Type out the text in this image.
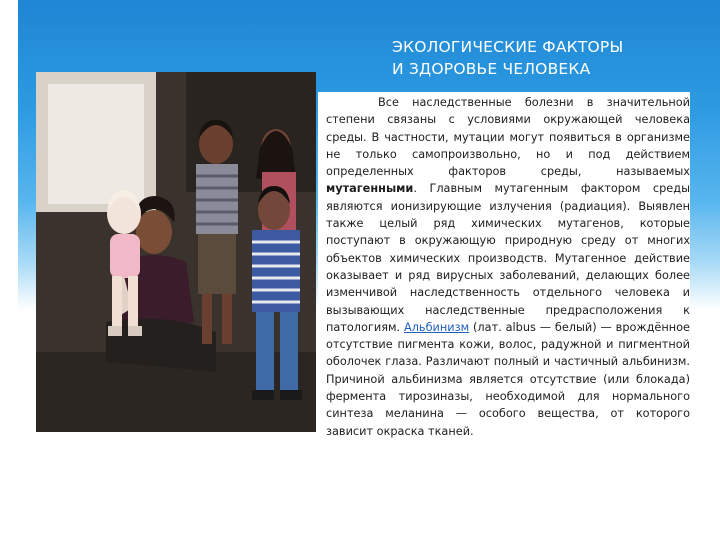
ЭКОЛОГИЧЕСКИЕ ФАКТОРЫ
И ЗДОРОВЬЕ ЧЕЛОВЕКА

Все наследственные болезни в значительной степени связаны с условиями окружающей человека среды. В частности, мутации могут появиться в организме не только самопроизвольно, но и под действием определенных факторов среды, называемых мутагенными. Главным мутагенным фактором среды являются ионизирующие излучения (радиация). Выявлен также целый ряд химических мутагенов, которые поступают в окружающую природную среду от многих объектов химических производств. Мутагенное действие оказывает и ряд вирусных заболеваний, делающих более изменчивой наследственность отдельного человека и вызывающих наследственные предрасположения к патологиям. Альбинизм (лат. albus — белый) — врождённое отсутствие пигмента кожи, волос, радужной и пигментной оболочек глаза. Различают полный и частичный альбинизм. Причиной альбинизма является отсутствие (или блокада) фермента тирозиназы, необходимой для нормального синтеза меланина — особого вещества, от которого зависит окраска тканей.
